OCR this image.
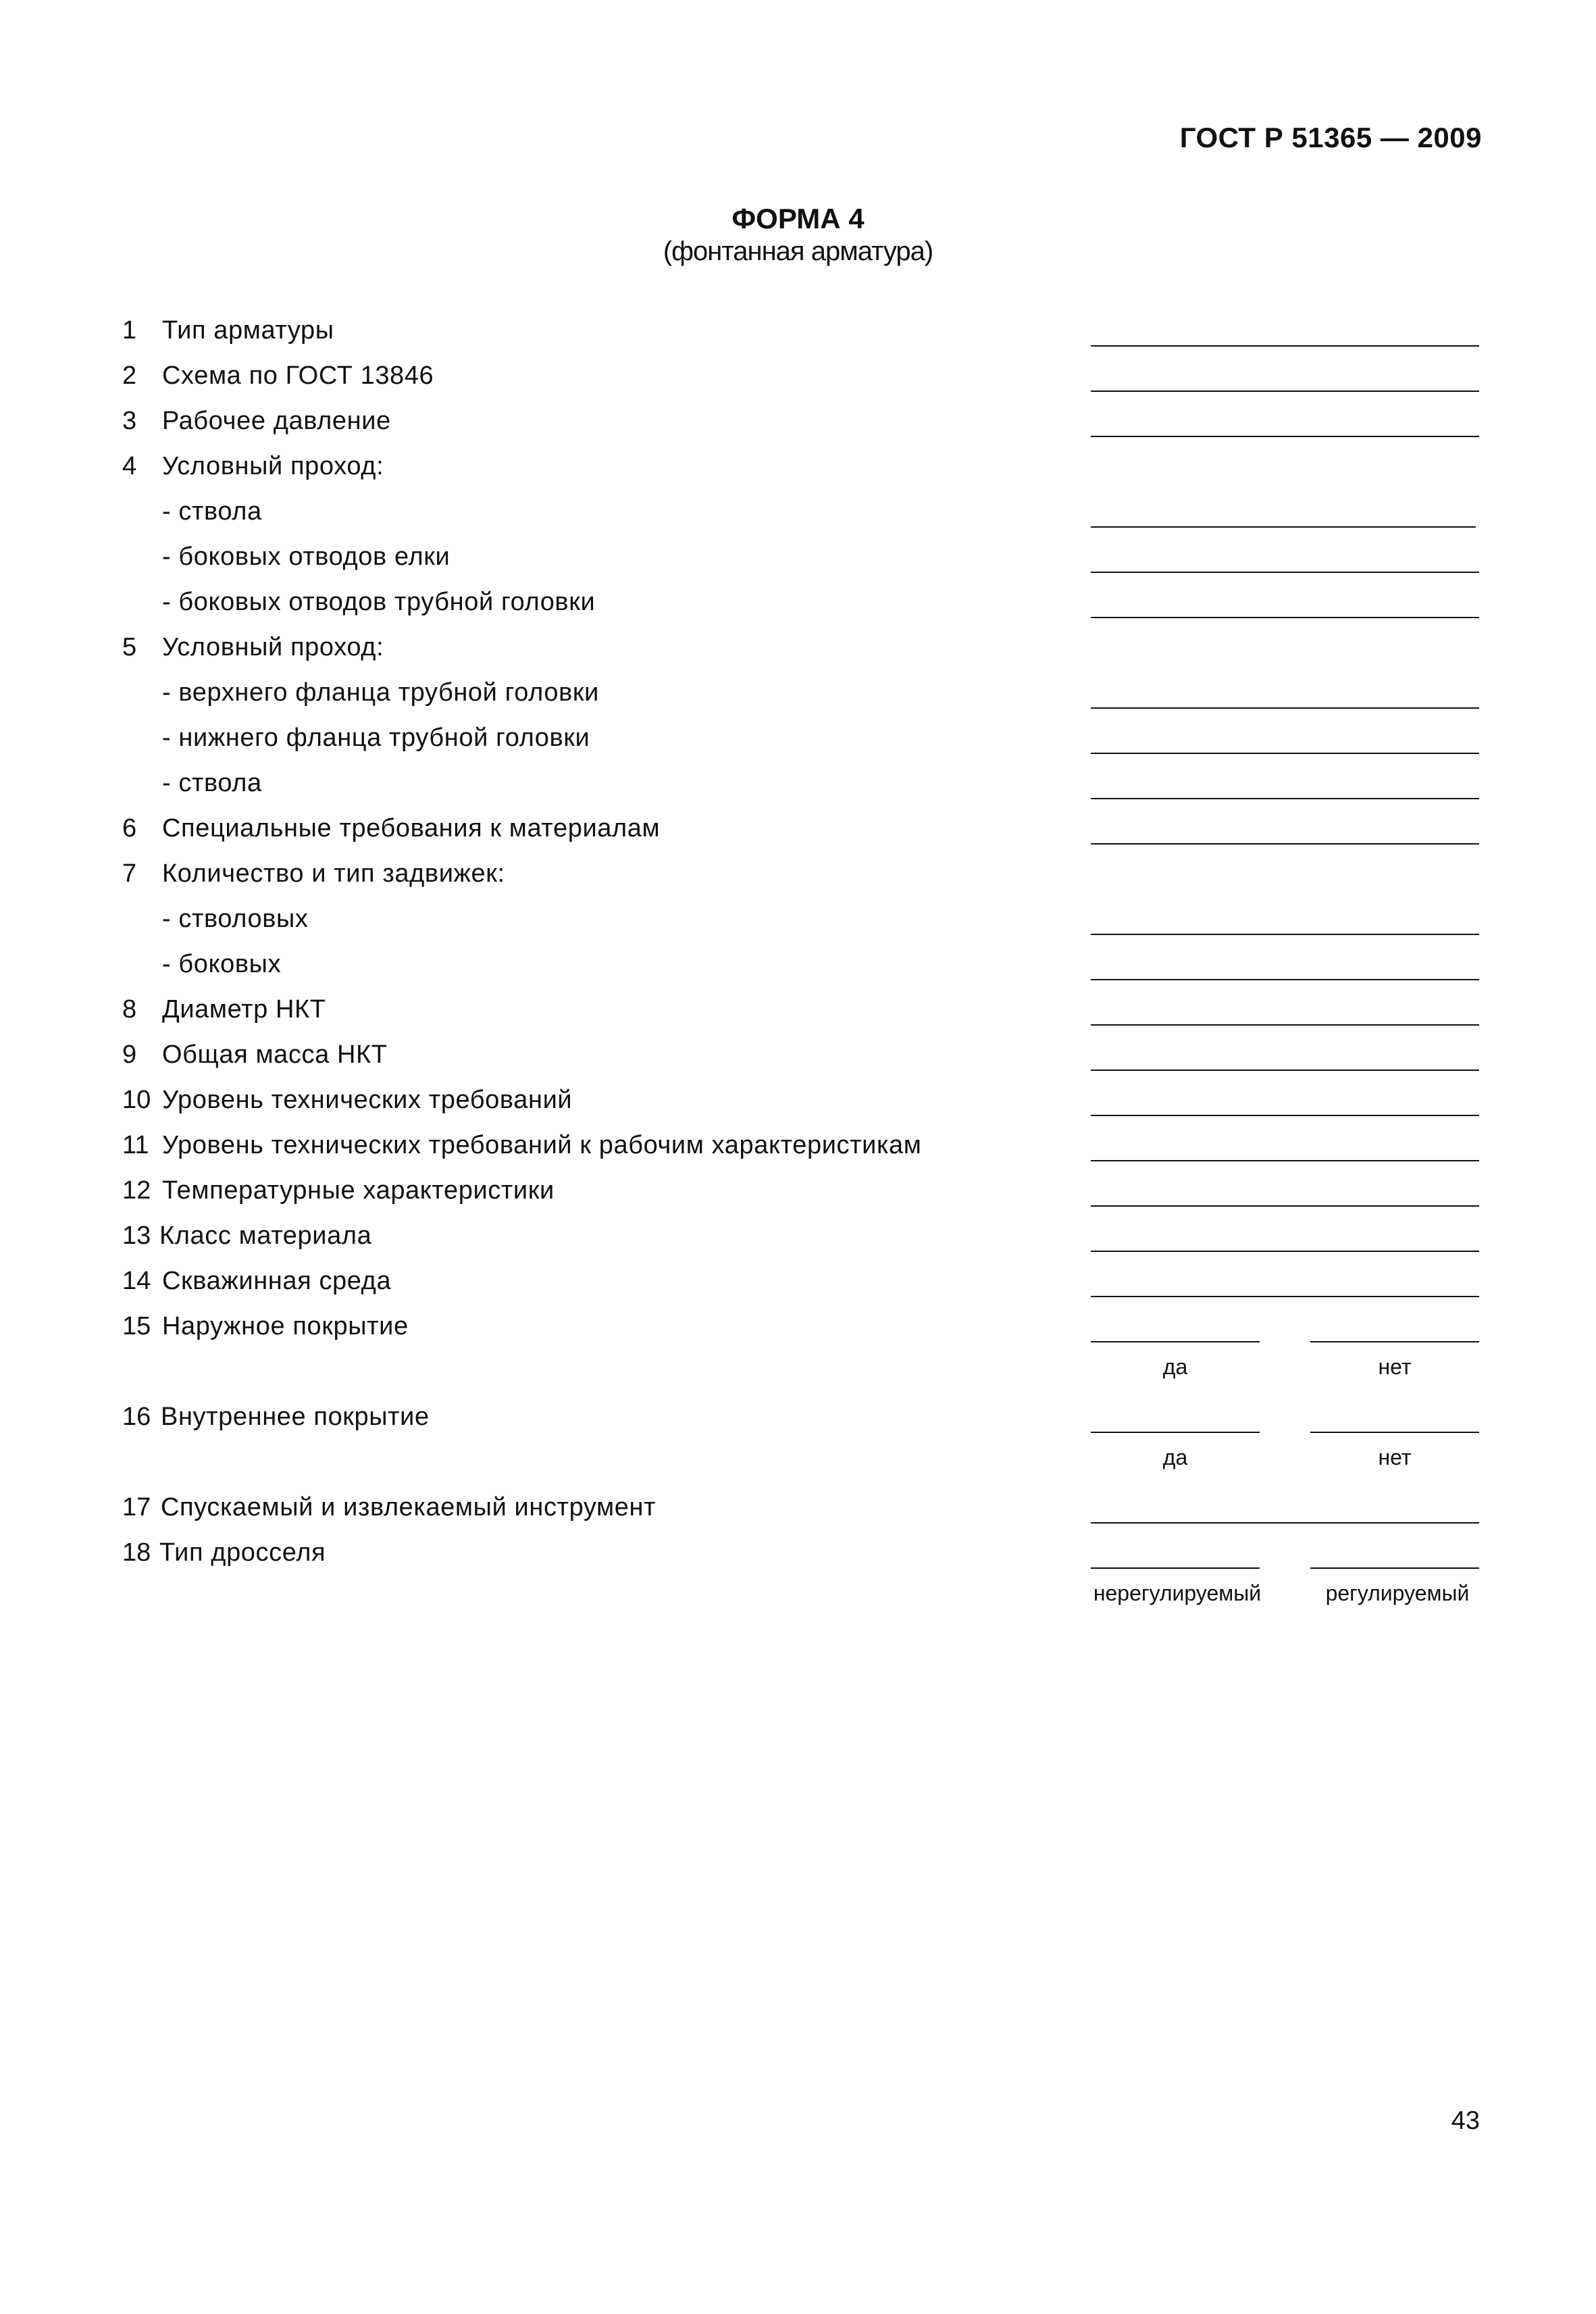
ГОСТ Р 51365 — 2009
ФОРМА 4
(фонтанная арматура)
1 Тип арматуры
2 Схема по ГОСТ 13846
3 Рабочее давление
4 Условный проход:
- ствола
- боковых отводов елки
- боковых отводов трубной головки
5 Условный проход:
- верхнего фланца трубной головки
- нижнего фланца трубной головки
- ствола
6 Специальные требования к материалам
7 Количество и тип задвижек:
- стволовых
- боковых
8 Диаметр НКТ
9 Общая масса НКТ
10 Уровень технических требований
11 Уровень технических требований к рабочим характеристикам
12 Температурные характеристики
13 Класс материала
14 Скважинная среда
15 Наружное покрытие
да	нет
16 Внутреннее покрытие
да	нет
17 Спускаемый и извлекаемый инструмент
18 Тип дросселя
нерегулируемый	регулируемый
43
